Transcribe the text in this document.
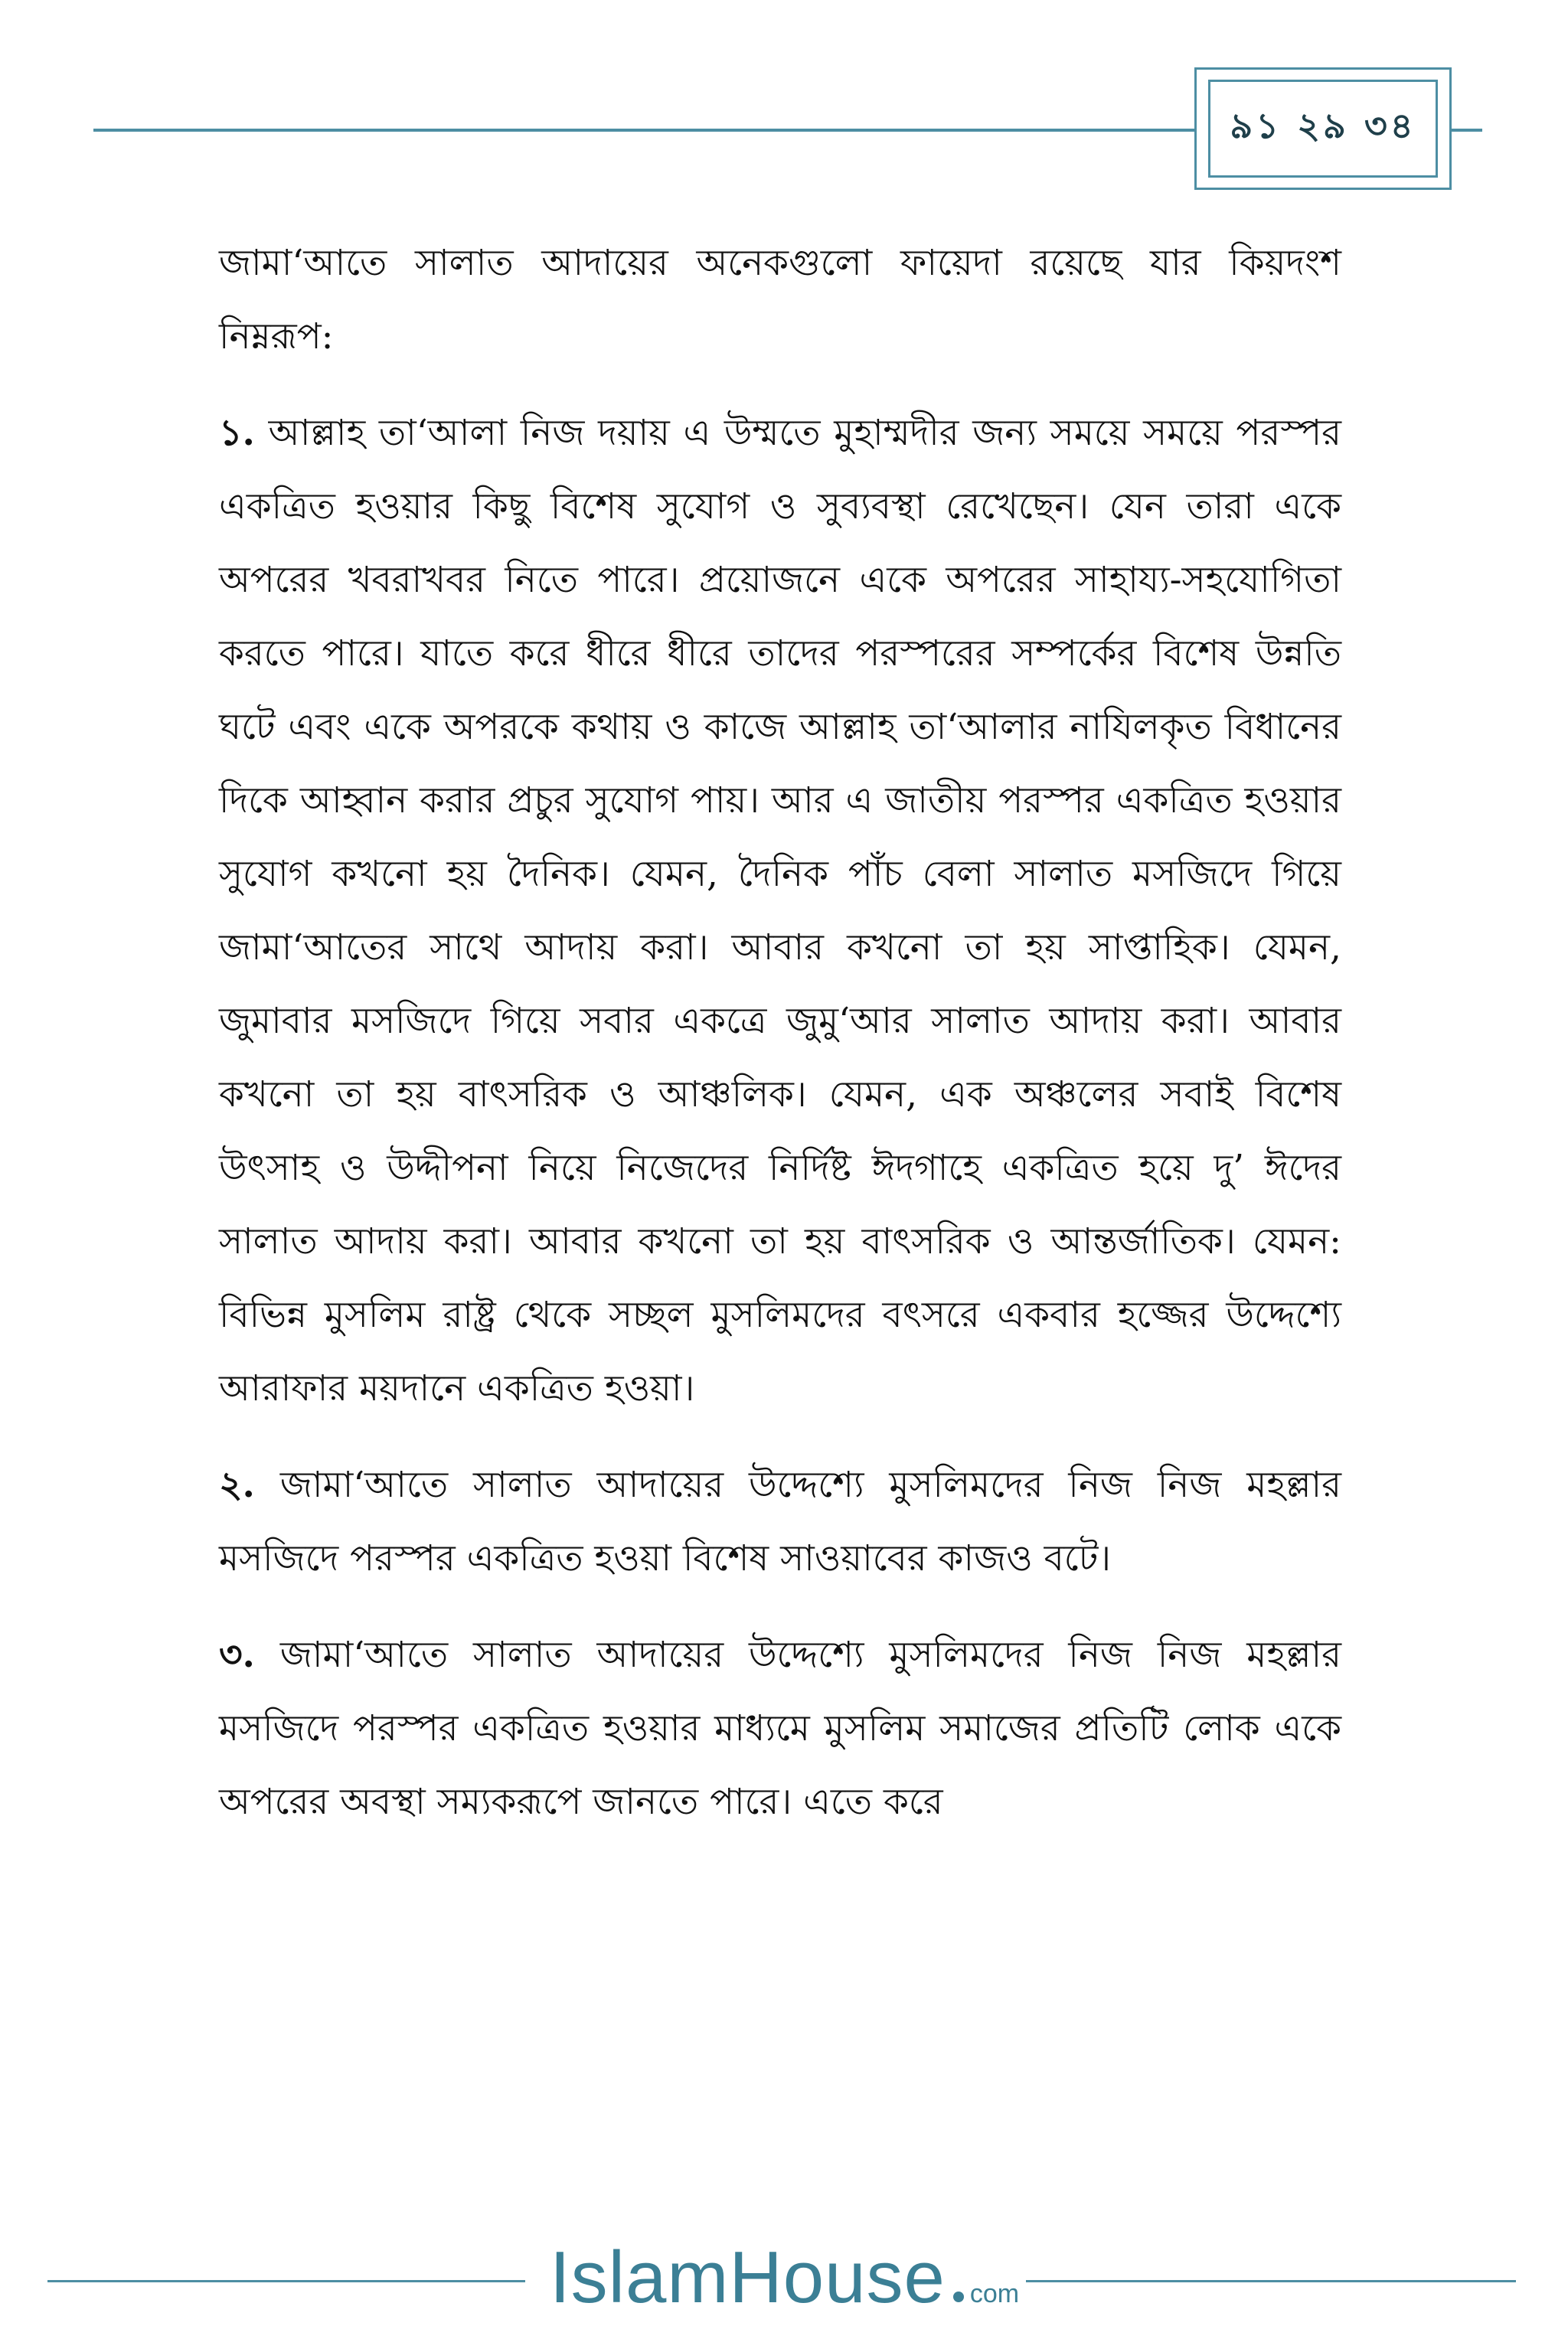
৯১ ২৯ ৩৪

জামা‘আতে সালাত আদায়ের অনেকগুলো ফায়েদা রয়েছে যার কিয়দংশ নিম্নরূপ:

১. আল্লাহ তা‘আলা নিজ দয়ায় এ উম্মতে মুহাম্মদীর জন্য সময়ে সময়ে পরস্পর একত্রিত হওয়ার কিছু বিশেষ সুযোগ ও সুব্যবস্থা রেখেছেন। যেন তারা একে অপরের খবরাখবর নিতে পারে। প্রয়োজনে একে অপরের সাহায্য-সহযোগিতা করতে পারে। যাতে করে ধীরে ধীরে তাদের পরস্পরের সম্পর্কের বিশেষ উন্নতি ঘটে এবং একে অপরকে কথায় ও কাজে আল্লাহ তা‘আলার নাযিলকৃত বিধানের দিকে আহ্বান করার প্রচুর সুযোগ পায়। আর এ জাতীয় পরস্পর একত্রিত হওয়ার সুযোগ কখনো হয় দৈনিক। যেমন, দৈনিক পাঁচ বেলা সালাত মসজিদে গিয়ে জামা‘আতের সাথে আদায় করা। আবার কখনো তা হয় সাপ্তাহিক। যেমন, জুমাবার মসজিদে গিয়ে সবার একত্রে জুমু‘আর সালাত আদায় করা। আবার কখনো তা হয় বাৎসরিক ও আঞ্চলিক। যেমন, এক অঞ্চলের সবাই বিশেষ উৎসাহ ও উদ্দীপনা নিয়ে নিজেদের নির্দিষ্ট ঈদগাহে একত্রিত হয়ে দু’ ঈদের সালাত আদায় করা। আবার কখনো তা হয় বাৎসরিক ও আন্তর্জাতিক। যেমন: বিভিন্ন মুসলিম রাষ্ট্র থেকে সচ্ছল মুসলিমদের বৎসরে একবার হজ্জের উদ্দেশ্যে আরাফার ময়দানে একত্রিত হওয়া।

২. জামা‘আতে সালাত আদায়ের উদ্দেশ্যে মুসলিমদের নিজ নিজ মহল্লার মসজিদে পরস্পর একত্রিত হওয়া বিশেষ সাওয়াবের কাজও বটে।

৩. জামা‘আতে সালাত আদায়ের উদ্দেশ্যে মুসলিমদের নিজ নিজ মহল্লার মসজিদে পরস্পর একত্রিত হওয়ার মাধ্যমে মুসলিম সমাজের প্রতিটি লোক একে অপরের অবস্থা সম্যকরূপে জানতে পারে। এতে করে

IslamHouse com
